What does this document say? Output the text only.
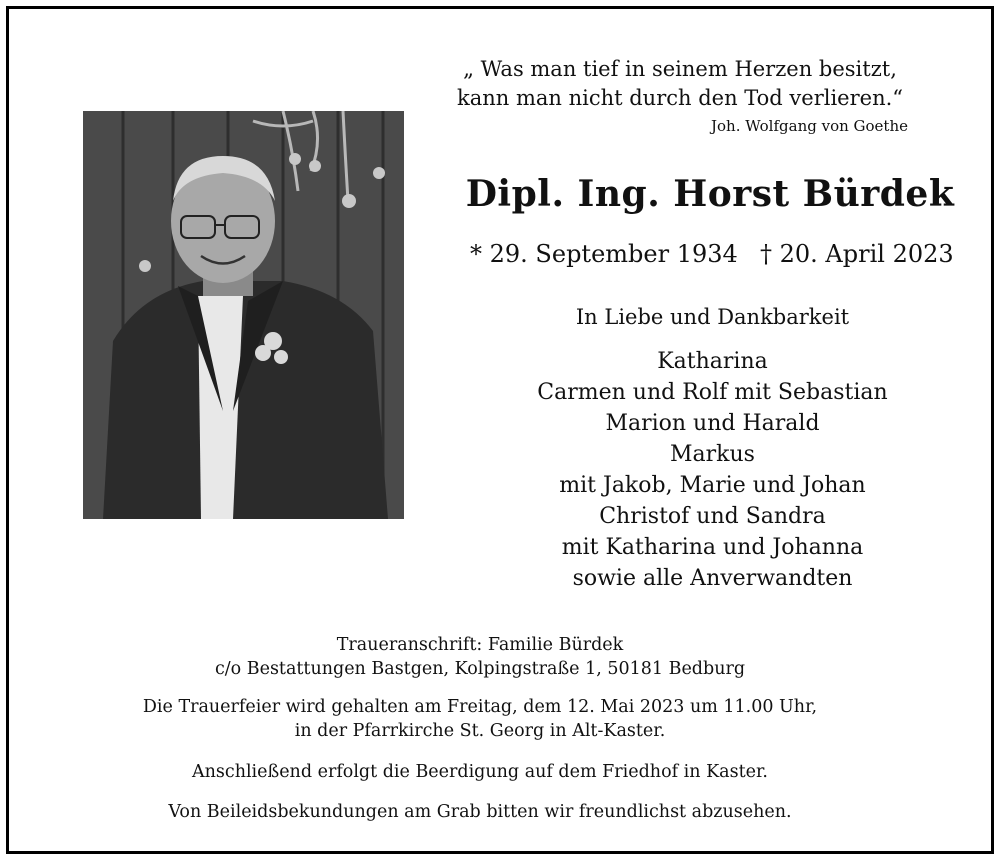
„ Was man tief in seinem Herzen besitzt,
kann man nicht durch den Tod verlieren.“
Joh. Wolfgang von Goethe
Dipl. Ing. Horst Bürdek
* 29. September 1934 † 20. April 2023
In Liebe und Dankbarkeit
Katharina
Carmen und Rolf mit Sebastian
Marion und Harald
Markus
mit Jakob, Marie und Johan
Christof und Sandra
mit Katharina und Johanna
sowie alle Anverwandten
Traueranschrift: Familie Bürdek
c/o Bestattungen Bastgen, Kolpingstraße 1, 50181 Bedburg
Die Trauerfeier wird gehalten am Freitag, dem 12. Mai 2023 um 11.00 Uhr,
in der Pfarrkirche St. Georg in Alt-Kaster.
Anschließend erfolgt die Beerdigung auf dem Friedhof in Kaster.
Von Beileidsbekundungen am Grab bitten wir freundlichst abzusehen.
